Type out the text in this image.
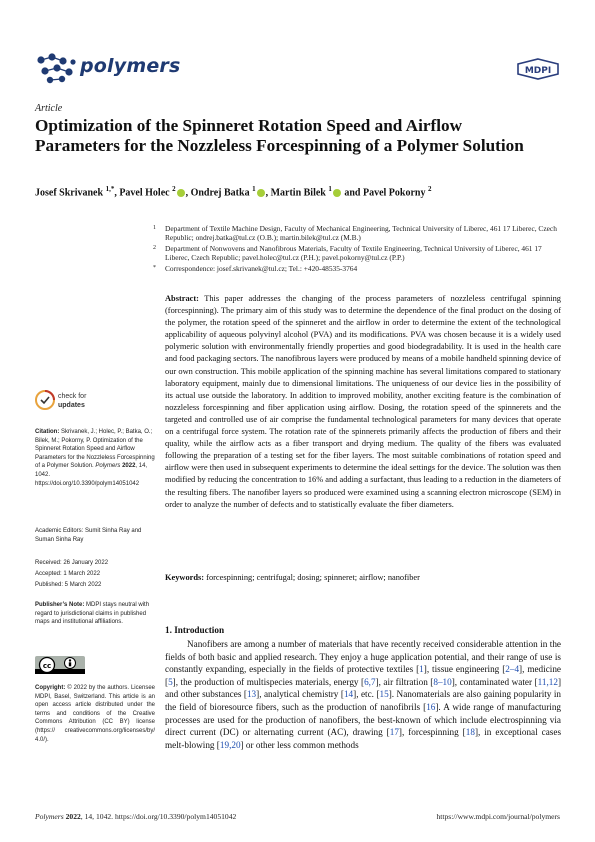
polymers	MDPI
Article
Optimization of the Spinneret Rotation Speed and Airflow Parameters for the Nozzleless Forcespinning of a Polymer Solution
Josef Skrivanek $^{1,*}$, Pavel Holec $^2$ , Ondrej Batka $^1$ , Martin Bilek $^1$ and Pavel Pokorny $^2$
1 Department of Textile Machine Design, Faculty of Mechanical Engineering, Technical University of Liberec, 461 17 Liberec, Czech Republic; ondrej.batka@tul.cz (O.B.); martin.bilek@tul.cz (M.B.)
2 Department of Nonwovens and Nanofibrous Materials, Faculty of Textile Engineering, Technical University of Liberec, 461 17 Liberec, Czech Republic; pavel.holec@tul.cz (P.H.); pavel.pokorny@tul.cz (P.P.)
* Correspondence: josef.skrivanek@tul.cz; Tel.: +420-48535-3764
Abstract: This paper addresses the changing of the process parameters of nozzleless centrifugal spinning (forcespinning). The primary aim of this study was to determine the dependence of the final product on the dosing of the polymer, the rotation speed of the spinneret and the airflow in order to determine the extent of the technological applicability of aqueous polyvinyl alcohol (PVA) and its modifications. PVA was chosen because it is a widely used polymeric solution with environmentally friendly properties and good biodegradability. It is used in the health care and food packaging sectors. The nanofibrous layers were produced by means of a mobile handheld spinning device of our own construction. This mobile application of the spinning machine has several limitations compared to stationary laboratory equipment, mainly due to dimensional limitations. The uniqueness of our device lies in the possibility of its actual use outside the laboratory. In addition to improved mobility, another exciting feature is the combination of nozzleless forcespinning and fiber application using airflow. Dosing, the rotation speed of the spinnerets and the targeted and controlled use of air comprise the fundamental technological parameters for many devices that operate on a centrifugal force system. The rotation rate of the spinnerets primarily affects the production of fibers and their quality, while the airflow acts as a fiber transport and drying medium. The quality of the fibers was evaluated following the preparation of a testing set for the fiber layers. The most suitable combinations of rotation speed and airflow were then used in subsequent experiments to determine the ideal settings for the device. The solution was then modified by reducing the concentration to 16% and adding a surfactant, thus leading to a reduction in the diameters of the resulting fibers. The nanofiber layers so produced were examined using a scanning electron microscope (SEM) in order to analyze the number of defects and to statistically evaluate the fiber diameters.
Keywords: forcespinning; centrifugal; dosing; spinneret; airflow; nanofiber
check for
updates
Citation: Skrivanek, J.; Holec, P.; Batka, O.; Bilek, M.; Pokorny, P. Optimization of the Spinneret Rotation Speed and Airflow Parameters for the Nozzleless Forcespinning of a Polymer Solution. Polymers 2022, 14, 1042. https://doi.org/10.3390/polym14051042
Academic Editors: Sumit Sinha Ray and Suman Sinha Ray
Received: 26 January 2022
Accepted: 1 March 2022
Published: 5 March 2022
Publisher’s Note: MDPI stays neutral with regard to jurisdictional claims in published maps and institutional affiliations.
cc
Copyright: © 2022 by the authors. Licensee MDPI, Basel, Switzerland. This article is an open access article distributed under the terms and conditions of the Creative Commons Attribution (CC BY) license (https:// creativecommons.org/licenses/by/ 4.0/).
1. Introduction
Nanofibers are among a number of materials that have recently received considerable attention in the fields of both basic and applied research. They enjoy a huge application potential, and their range of use is constantly expanding, especially in the fields of protective textiles [1], tissue engineering [2–4], medicine [5], the production of multispecies materials, energy [6,7], air filtration [8–10], contaminated water [11,12] and other substances [13], analytical chemistry [14], etc. [15]. Nanomaterials are also gaining popularity in the field of bioresource fibers, such as the production of nanofibrils [16]. A wide range of manufacturing processes are used for the production of nanofibers, the best-known of which include electrospinning via direct current (DC) or alternating current (AC), drawing [17], forcespinning [18], in exceptional cases melt-blowing [19,20] or other less common methods
Polymers 2022, 14, 1042. https://doi.org/10.3390/polym14051042	https://www.mdpi.com/journal/polymers
